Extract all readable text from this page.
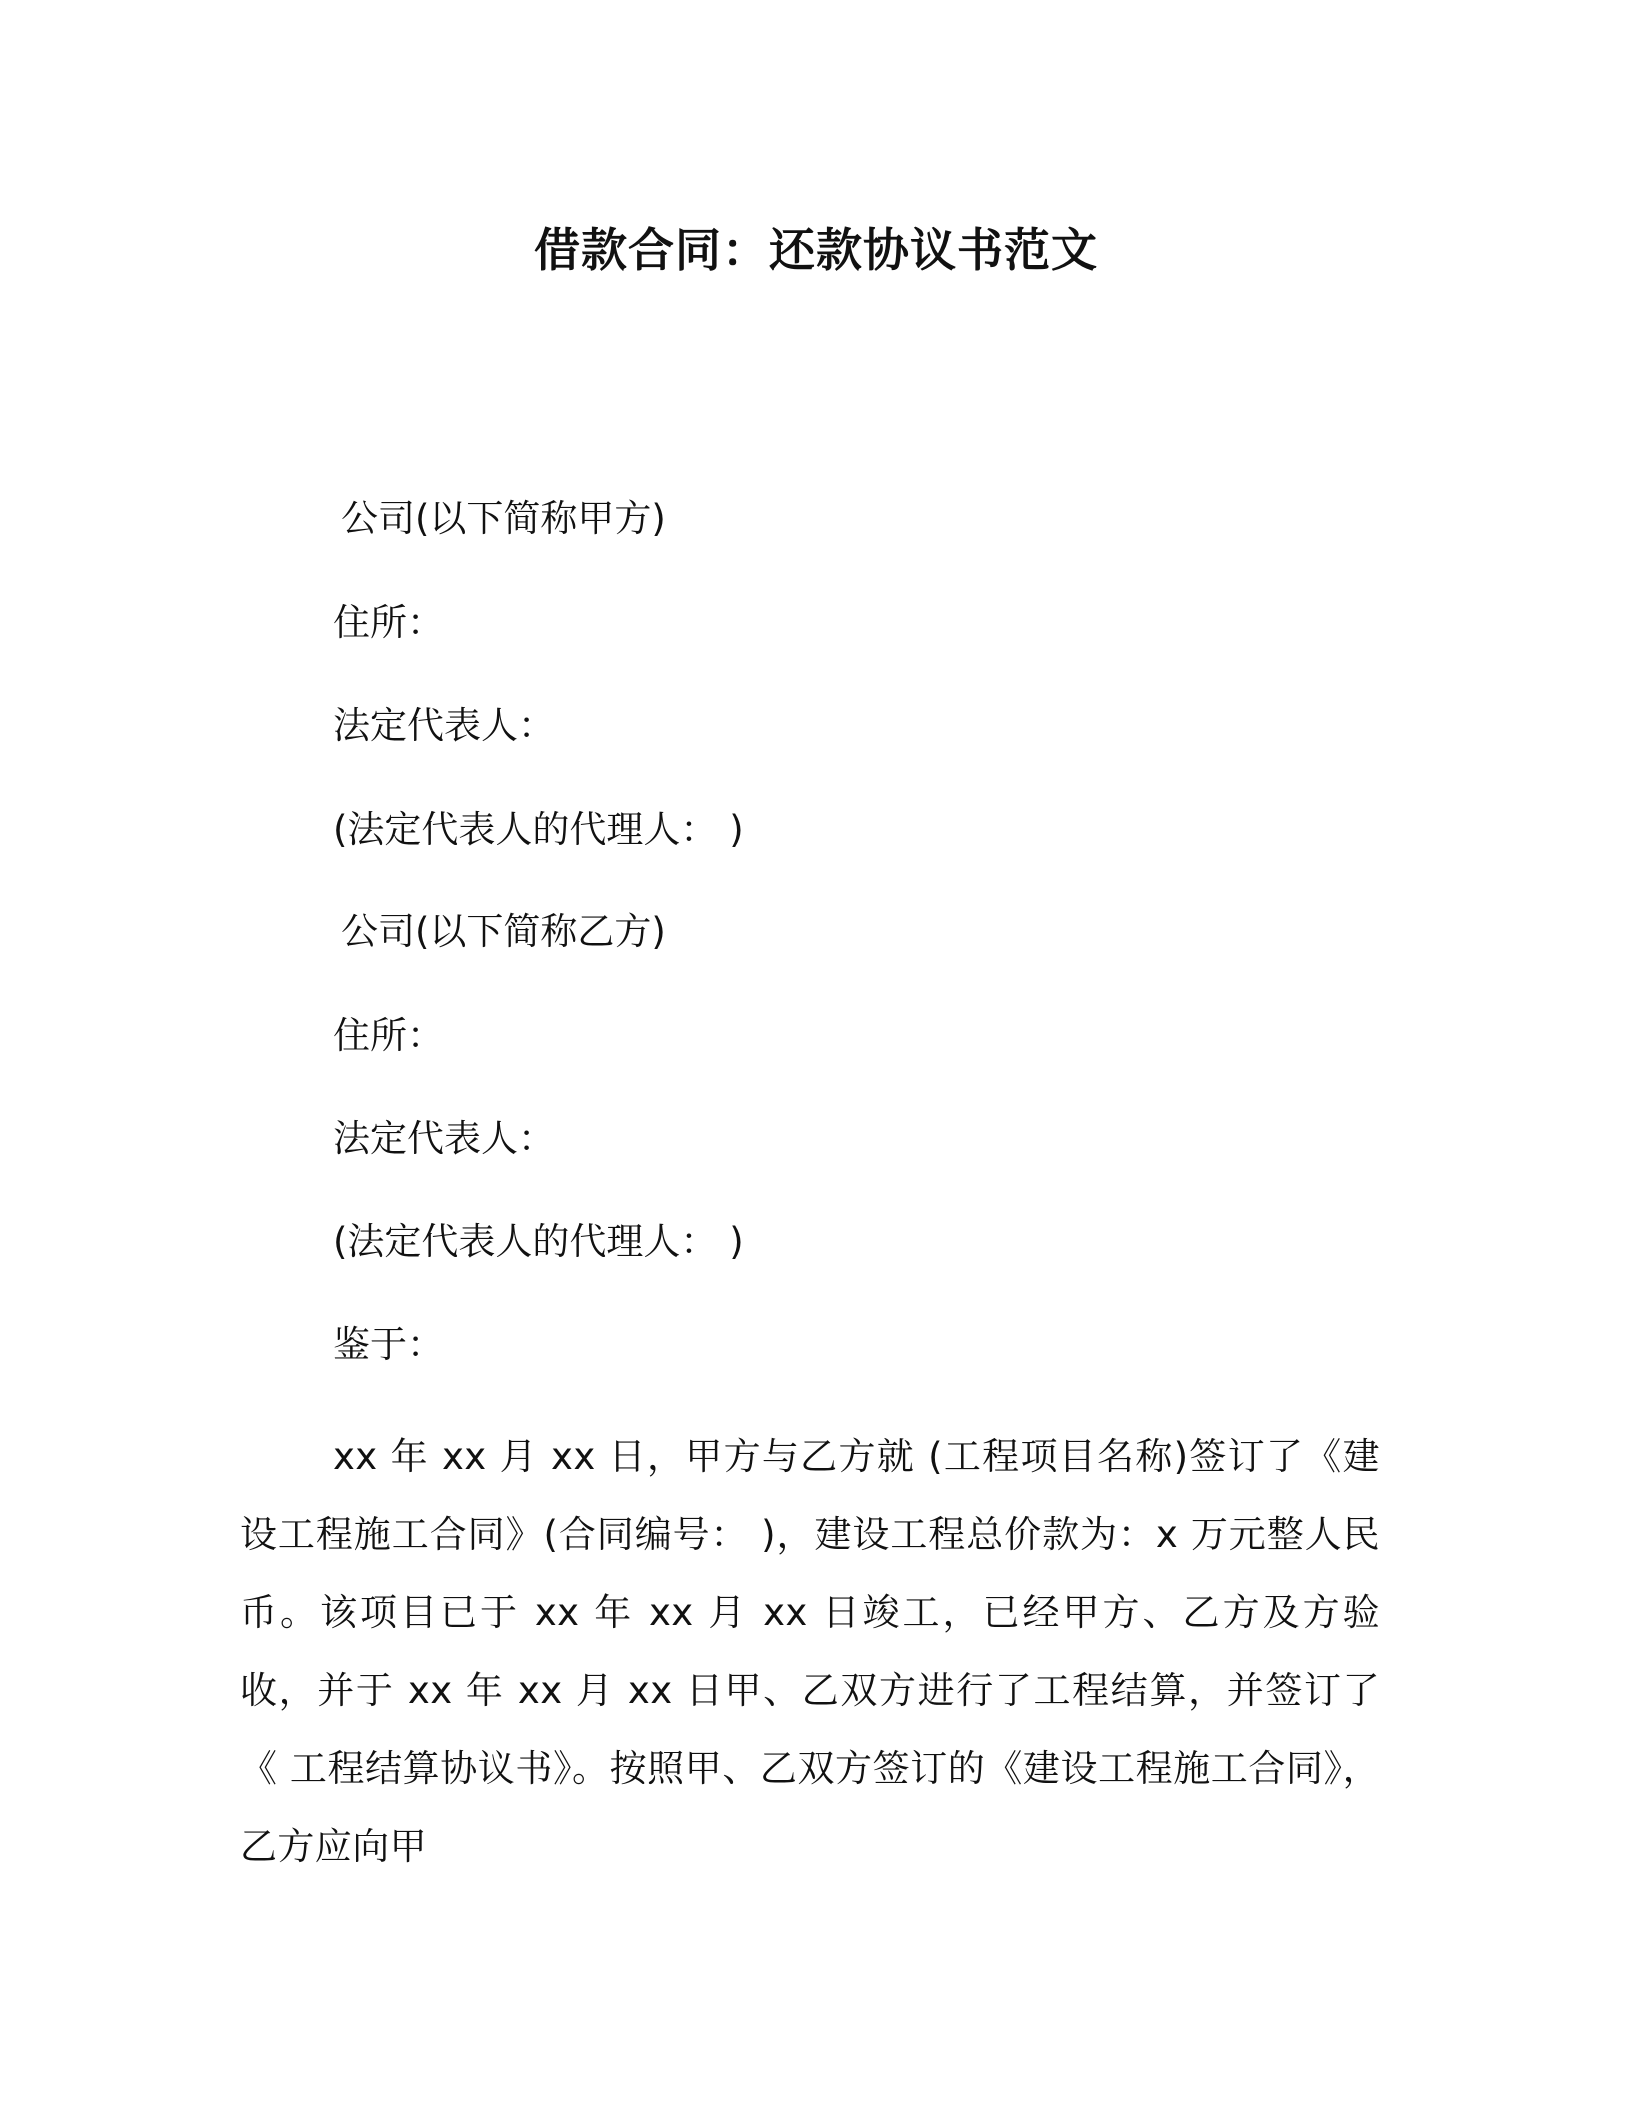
借款合同：还款协议书范文
公司(以下简称甲方)
住所：
法定代表人：
(法定代表人的代理人： )
公司(以下简称乙方)
住所：
法定代表人：
(法定代表人的代理人： )
鉴于：
xx 年 xx 月 xx 日，甲方与乙方就 (工程项目名称)签订了《建设工程施工合同》(合同编号： )，建设工程总价款为：x 万元整人民币。该项目已于 xx 年 xx 月 xx 日竣工，已经甲方、乙方及方验收，并于 xx 年 xx 月 xx 日甲、乙双方进行了工程结算，并签订了《 工程结算协议书》。按照甲、乙双方签订的《建设工程施工合同》，乙方应向甲
